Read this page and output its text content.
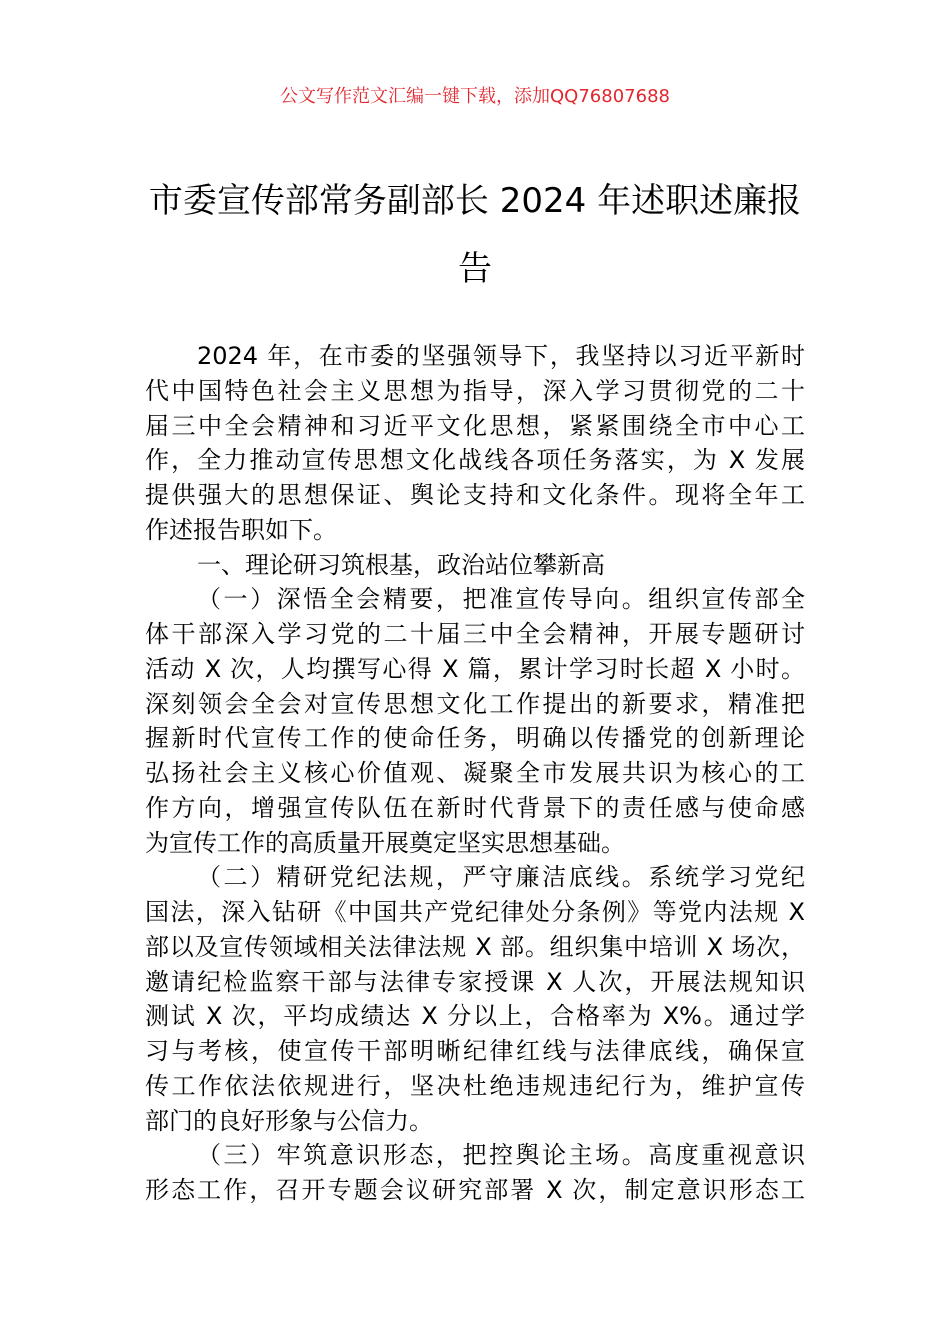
公文写作范文汇编一键下载，添加QQ76807688
市委宣传部常务副部长 2024 年述职述廉报
告
2024 年，在市委的坚强领导下，我坚持以习近平新时
代中国特色社会主义思想为指导，深入学习贯彻党的二十
届三中全会精神和习近平文化思想，紧紧围绕全市中心工
作，全力推动宣传思想文化战线各项任务落实，为 X 发展
提供强大的思想保证、舆论支持和文化条件。现将全年工
作述报告职如下。
一、理论研习筑根基，政治站位攀新高
（一）深悟全会精要，把准宣传导向。组织宣传部全
体干部深入学习党的二十届三中全会精神，开展专题研讨
活动 X 次，人均撰写心得 X 篇，累计学习时长超 X 小时。
深刻领会全会对宣传思想文化工作提出的新要求，精准把
握新时代宣传工作的使命任务，明确以传播党的创新理论
弘扬社会主义核心价值观、凝聚全市发展共识为核心的工
作方向，增强宣传队伍在新时代背景下的责任感与使命感
为宣传工作的高质量开展奠定坚实思想基础。
（二）精研党纪法规，严守廉洁底线。系统学习党纪
国法，深入钻研《中国共产党纪律处分条例》等党内法规 X
部以及宣传领域相关法律法规 X 部。组织集中培训 X 场次，
邀请纪检监察干部与法律专家授课 X 人次，开展法规知识
测试 X 次，平均成绩达 X 分以上，合格率为 X%。通过学
习与考核，使宣传干部明晰纪律红线与法律底线，确保宣
传工作依法依规进行，坚决杜绝违规违纪行为，维护宣传
部门的良好形象与公信力。
（三）牢筑意识形态，把控舆论主场。高度重视意识
形态工作，召开专题会议研究部署 X 次，制定意识形态工
